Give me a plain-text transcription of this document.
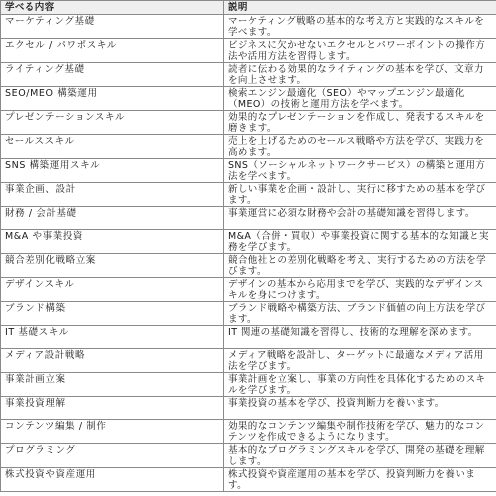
学べる内容	説明
マーケティング基礎	マーケティング戦略の基本的な考え方と実践的なスキルを学べます。
エクセル / パワポスキル	ビジネスに欠かせないエクセルとパワーポイントの操作方法や活用方法を習得します。
ライティング基礎	読者に伝わる効果的なライティングの基本を学び、文章力を向上させます。
SEO/MEO 構築運用	検索エンジン最適化（SEO）やマップエンジン最適化（MEO）の技術と運用方法を学べます。
プレゼンテーションスキル	効果的なプレゼンテーションを作成し、発表するスキルを磨きます。
セールススキル	売上を上げるためのセールス戦略や方法を学び、実践力を高めます。
SNS 構築運用スキル	SNS（ソーシャルネットワークサービス）の構築と運用方法を学べます。
事業企画、設計	新しい事業を企画・設計し、実行に移すための基本を学びます。
財務 / 会計基礎	事業運営に必須な財務や会計の基礎知識を習得します。
M&A や事業投資	M&A（合併・買収）や事業投資に関する基本的な知識と実務を学びます。
競合差別化戦略立案	競合他社との差別化戦略を考え、実行するための方法を学びます。
デザインスキル	デザインの基本から応用までを学び、実践的なデザインスキルを身につけます。
ブランド構築	ブランド戦略や構築方法、ブランド価値の向上方法を学びます。
IT 基礎スキル	IT 関連の基礎知識を習得し、技術的な理解を深めます。
メディア設計戦略	メディア戦略を設計し、ターゲットに最適なメディア活用法を学びます。
事業計画立案	事業計画を立案し、事業の方向性を具体化するためのスキルを学びます。
事業投資理解	事業投資の基本を学び、投資判断力を養います。
コンテンツ編集 / 制作	効果的なコンテンツ編集や制作技術を学び、魅力的なコンテンツを作成できるようになります。
プログラミング	基本的なプログラミングスキルを学び、開発の基礎を理解します。
株式投資や資産運用	株式投資や資産運用の基本を学び、投資判断力を養います。
